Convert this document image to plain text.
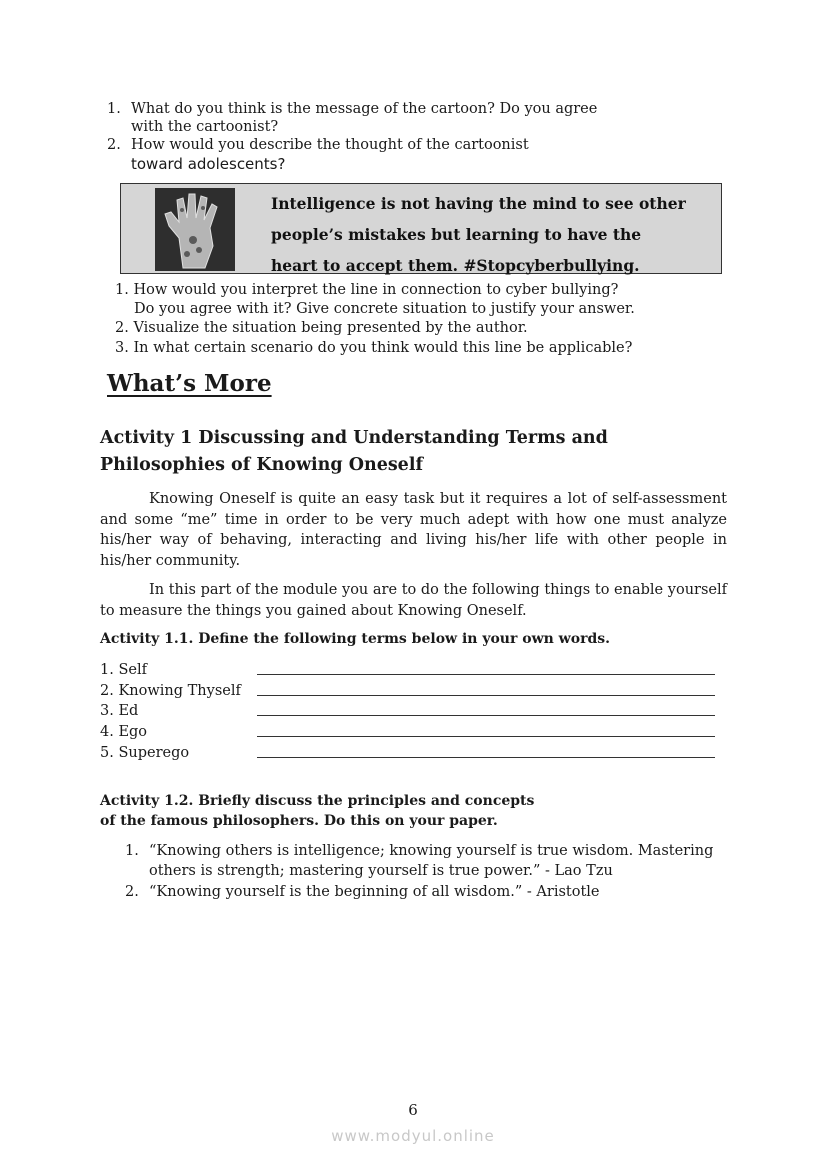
1. What do you think is the message of the cartoon? Do you agree
with the cartoonist?
2. How would you describe the thought of the cartoonist
toward adolescents?
Intelligence is not having the mind to see other
people’s mistakes but learning to have the
heart to accept them. #Stopcyberbullying.
1. How would you interpret the line in connection to cyber bullying?
Do you agree with it? Give concrete situation to justify your answer.
2. Visualize the situation being presented by the author.
3. In what certain scenario do you think would this line be applicable?
What’s More
Activity 1 Discussing and Understanding Terms and
Philosophies of Knowing Oneself
Knowing Oneself is quite an easy task but it requires a lot of self-assessment and some “me” time in order to be very much adept with how one must analyze his/her way of behaving, interacting and living his/her life with other people in his/her community.
In this part of the module you are to do the following things to enable yourself to measure the things you gained about Knowing Oneself.
Activity 1.1. Define the following terms below in your own words.
1. Self
2. Knowing Thyself
3. Ed
4. Ego
5. Superego
Activity 1.2. Briefly discuss the principles and concepts
of the famous philosophers. Do this on your paper.
1. “Knowing others is intelligence; knowing yourself is true wisdom. Mastering
others is strength; mastering yourself is true power.” - Lao Tzu
2. “Knowing yourself is the beginning of all wisdom.” - Aristotle
6
www.modyul.online
